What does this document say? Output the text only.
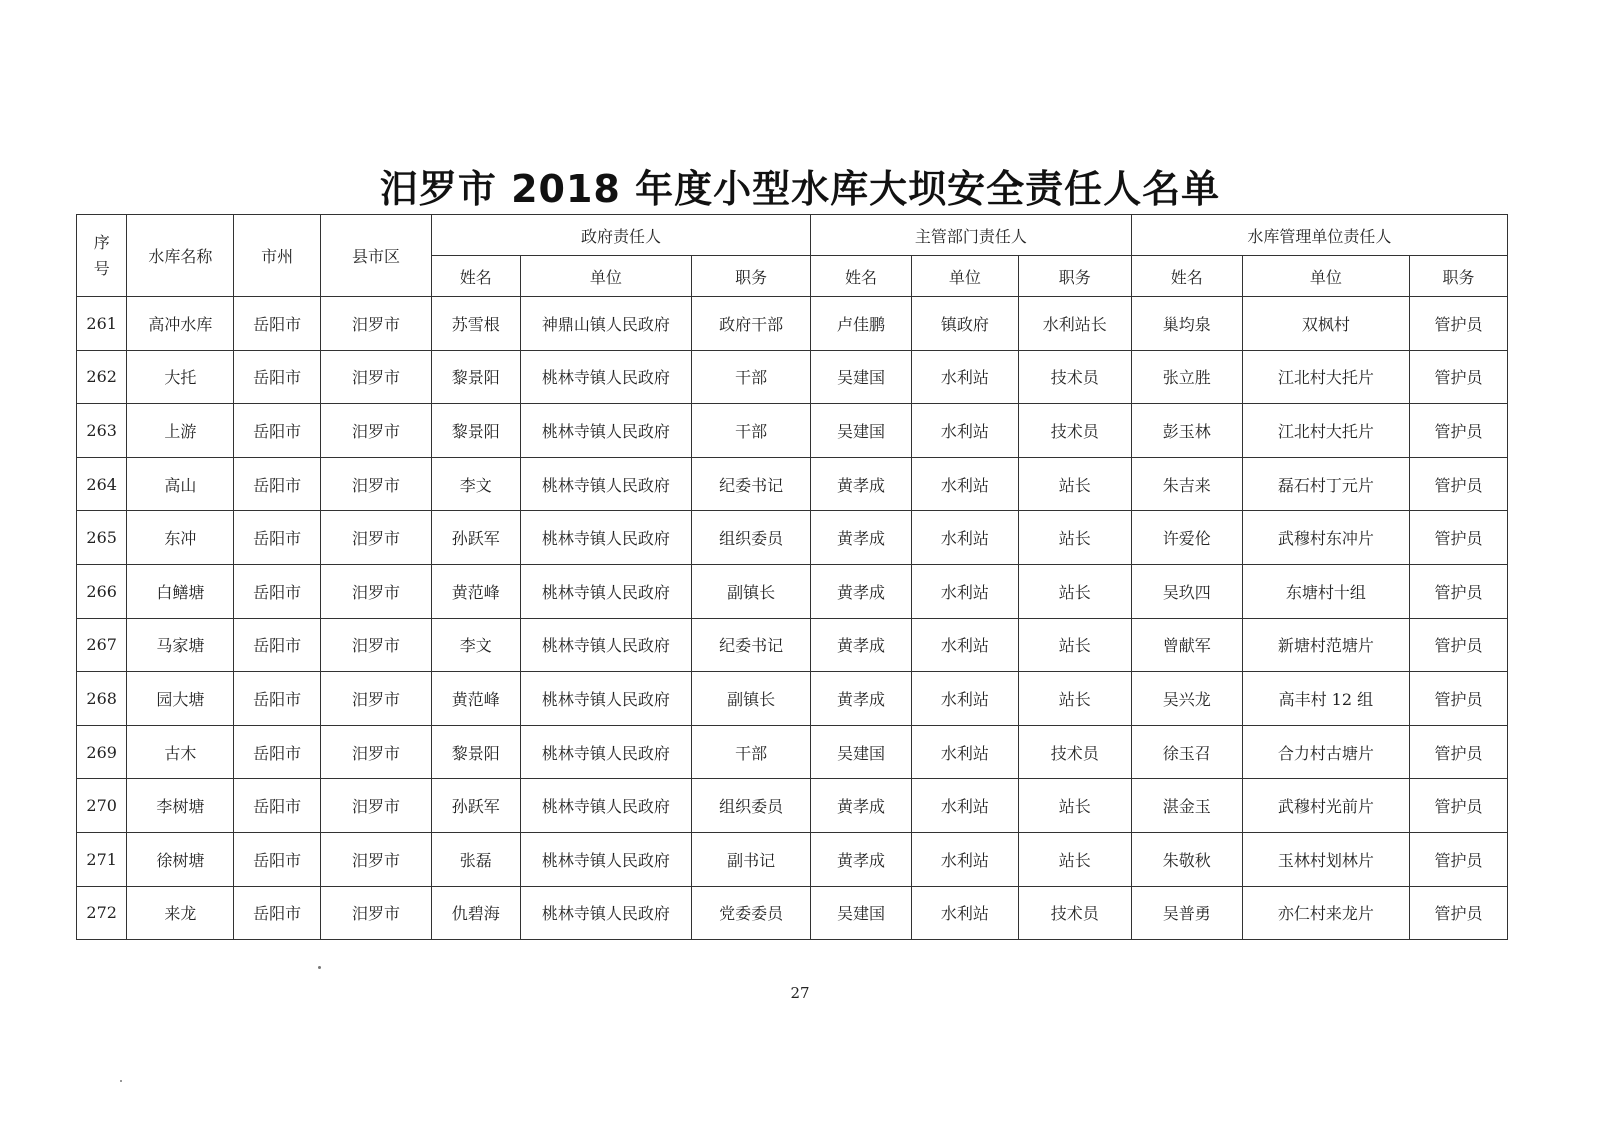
汨罗市 2018 年度小型水库大坝安全责任人名单
序
号	水库名称	市州	县市区	政府责任人			主管部门责任人			水库管理单位责任人		
				姓名	单位	职务	姓名	单位	职务	姓名	单位	职务
261	高冲水库	岳阳市	汨罗市	苏雪根	神鼎山镇人民政府	政府干部	卢佳鹏	镇政府	水利站长	巢均泉	双枫村	管护员
262	大托	岳阳市	汨罗市	黎景阳	桃林寺镇人民政府	干部	吴建国	水利站	技术员	张立胜	江北村大托片	管护员
263	上游	岳阳市	汨罗市	黎景阳	桃林寺镇人民政府	干部	吴建国	水利站	技术员	彭玉林	江北村大托片	管护员
264	高山	岳阳市	汨罗市	李文	桃林寺镇人民政府	纪委书记	黄孝成	水利站	站长	朱吉来	磊石村丁元片	管护员
265	东冲	岳阳市	汨罗市	孙跃军	桃林寺镇人民政府	组织委员	黄孝成	水利站	站长	许爱伦	武穆村东冲片	管护员
266	白鳝塘	岳阳市	汨罗市	黄范峰	桃林寺镇人民政府	副镇长	黄孝成	水利站	站长	吴玖四	东塘村十组	管护员
267	马家塘	岳阳市	汨罗市	李文	桃林寺镇人民政府	纪委书记	黄孝成	水利站	站长	曾献军	新塘村范塘片	管护员
268	园大塘	岳阳市	汨罗市	黄范峰	桃林寺镇人民政府	副镇长	黄孝成	水利站	站长	吴兴龙	高丰村 12 组	管护员
269	古木	岳阳市	汨罗市	黎景阳	桃林寺镇人民政府	干部	吴建国	水利站	技术员	徐玉召	合力村古塘片	管护员
270	李树塘	岳阳市	汨罗市	孙跃军	桃林寺镇人民政府	组织委员	黄孝成	水利站	站长	湛金玉	武穆村光前片	管护员
271	徐树塘	岳阳市	汨罗市	张磊	桃林寺镇人民政府	副书记	黄孝成	水利站	站长	朱敬秋	玉林村划林片	管护员
272	来龙	岳阳市	汨罗市	仇碧海	桃林寺镇人民政府	党委委员	吴建国	水利站	技术员	吴普勇	亦仁村来龙片	管护员
27
